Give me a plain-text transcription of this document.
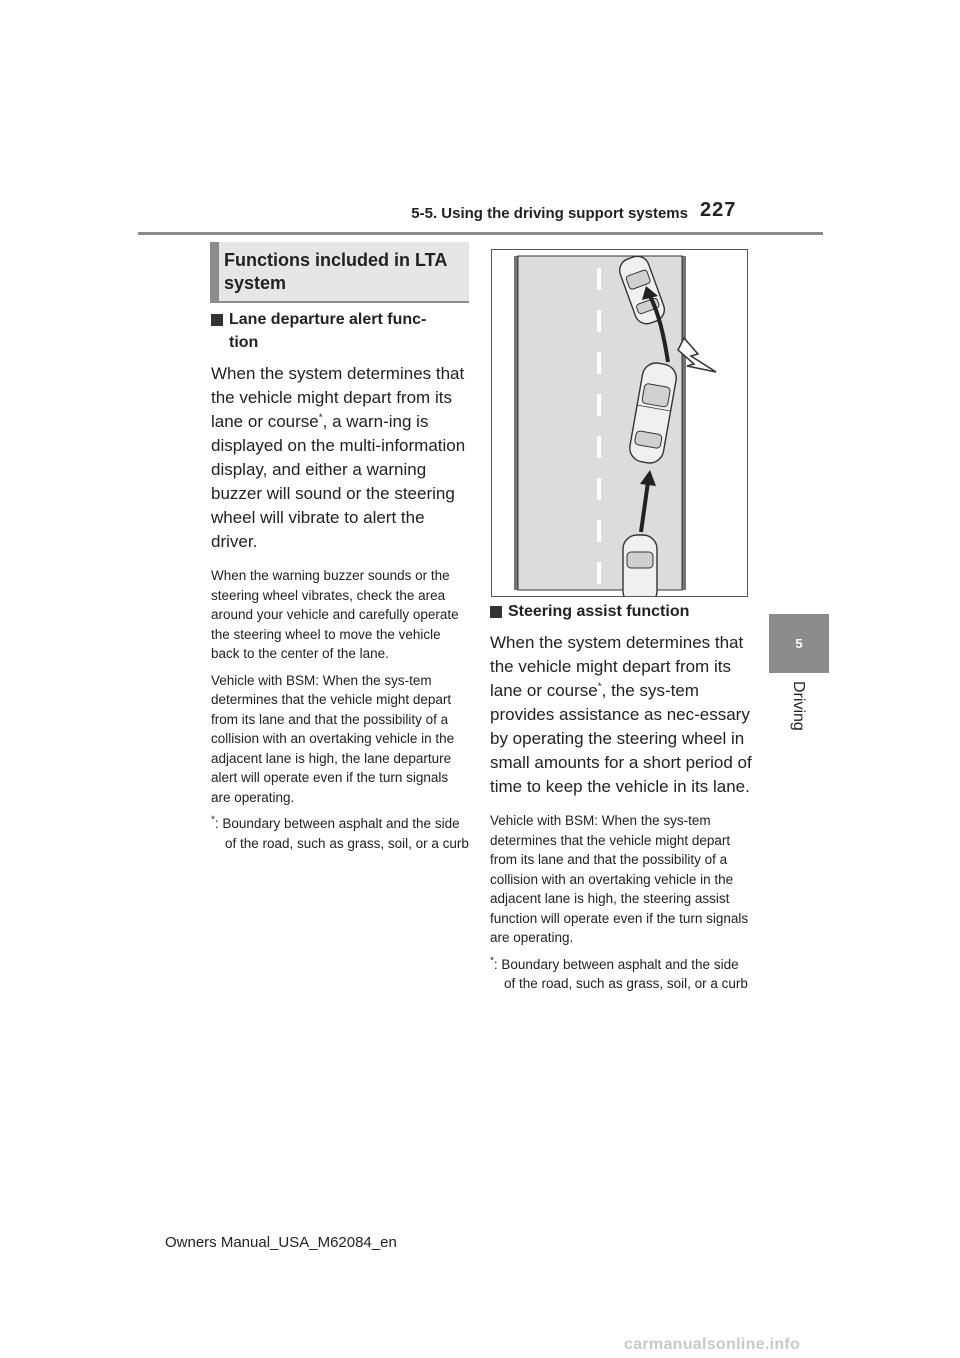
5-5. Using the driving support systems 227
5
Driving
Functions included in LTA system
Lane departure alert func-
tion

When the system determines that the vehicle might depart from its lane or course*, a warn-ing is displayed on the multi-information display, and either a warning buzzer will sound or the steering wheel will vibrate to alert the driver.

When the warning buzzer sounds or the steering wheel vibrates, check the area around your vehicle and carefully operate the steering wheel to move the vehicle back to the center of the lane.

Vehicle with BSM: When the sys-tem determines that the vehicle might depart from its lane and that the possibility of a collision with an overtaking vehicle in the adjacent lane is high, the lane departure alert will operate even if the turn signals are operating.

*: Boundary between asphalt and the side of the road, such as grass, soil, or a curb

Steering assist function

When the system determines that the vehicle might depart from its lane or course*, the sys-tem provides assistance as nec-essary by operating the steering wheel in small amounts for a short period of time to keep the vehicle in its lane.

Vehicle with BSM: When the sys-tem determines that the vehicle might depart from its lane and that the possibility of a collision with an overtaking vehicle in the adjacent lane is high, the steering assist function will operate even if the turn signals are operating.

*: Boundary between asphalt and the side of the road, such as grass, soil, or a curb

Owners Manual_USA_M62084_en
carmanualsonline.info
